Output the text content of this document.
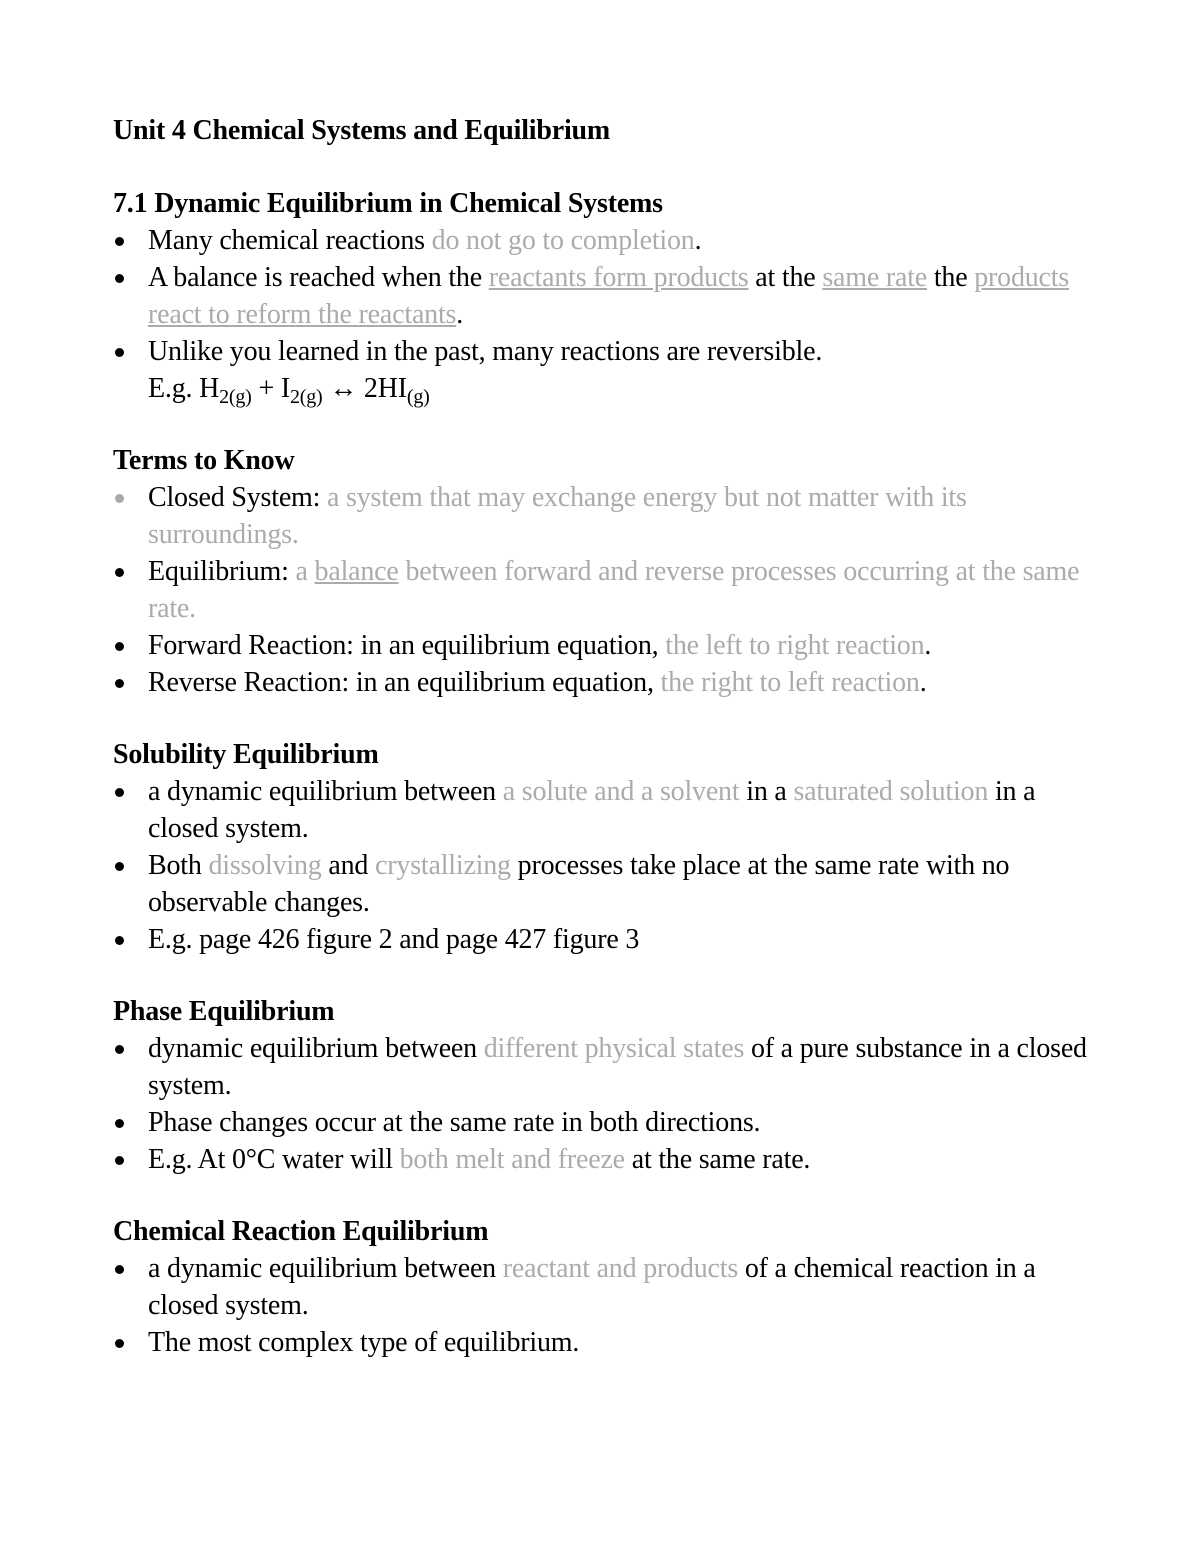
Unit 4 Chemical Systems and Equilibrium
7.1 Dynamic Equilibrium in Chemical Systems
Many chemical reactions do not go to completion.
A balance is reached when the reactants form products at the same rate the products react to reform the reactants.
Unlike you learned in the past, many reactions are reversible.
E.g. $H_{2(g)} + I_{2(g)}$ ↔ $2HI_{(g)}$
Terms to Know
Closed System: a system that may exchange energy but not matter with its surroundings.
Equilibrium: a balance between forward and reverse processes occurring at the same rate.
Forward Reaction: in an equilibrium equation, the left to right reaction.
Reverse Reaction: in an equilibrium equation, the right to left reaction.
Solubility Equilibrium
a dynamic equilibrium between a solute and a solvent in a saturated solution in a closed system.
Both dissolving and crystallizing processes take place at the same rate with no observable changes.
E.g. page 426 figure 2 and page 427 figure 3
Phase Equilibrium
dynamic equilibrium between different physical states of a pure substance in a closed system.
Phase changes occur at the same rate in both directions.
E.g. At 0°C water will both melt and freeze at the same rate.
Chemical Reaction Equilibrium
a dynamic equilibrium between reactant and products of a chemical reaction in a closed system.
The most complex type of equilibrium.
